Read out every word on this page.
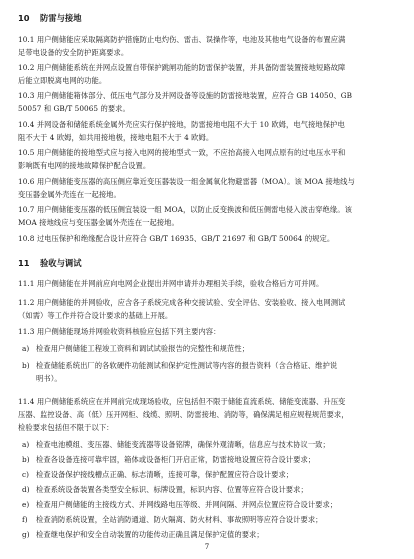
10 防雷与接地
10.1 用户侧储能应采取隔离防护措施防止电灼伤、雷击、误操作等，电池及其他电气设备的布置应满
足带电设备的安全防护距离要求。
10.2 用户侧储能系统在并网点设置自带保护跳闸功能的防雷保护装置，并具备防雷装置接地短路故障
后能立即脱离电网的功能。
10.3 用户侧储能箱体部分、低压电气部分及并网设备等设施的防雷接地装置，应符合 GB 14050、GB
50057 和 GB/T 50065 的要求。
10.4 并网设备和储能系统金属外壳应实行保护接地，防雷接地电阻不大于 10 欧姆，电气接地保护电
阻不大于 4 欧姆，如共用接地极，接地电阻不大于 4 欧姆。
10.5 用户侧储能的接地型式应与接入电网的接地型式一致，不应抬高接入电网点原有的过电压水平和
影响既有电网的接地故障保护配合设置。
10.6 用户侧储能变压器的高压侧应靠近变压器装设一组金属氧化物避雷器（MOA）。该 MOA 接地线与
变压器金属外壳连在一起接地。
10.7 用户侧储能变压器的低压侧宜装设一组 MOA，以防止反变换波和低压侧雷电侵入波击穿绝缘。该
MOA 接地线应与变压器金属外壳连在一起接地。
10.8 过电压保护和绝缘配合设计应符合 GB/T 16935、GB/T 21697 和 GB/T 50064 的规定。
11 验收与调试
11.1 用户侧储能在并网前应向电网企业提出并网申请并办理相关手续，验收合格后方可并网。
11.2 用户侧储能的并网验收，应含各子系统完成各种交接试验、安全评估、安装验收、接入电网测试
（如需）等工作并符合设计要求的基础上开展。
11.3 用户侧储能现场并网验收资料核验应包括下列主要内容：
a) 检查用户侧储能工程竣工资料和调试试验报告的完整性和规范性；
b) 检查储能系统出厂的各软硬件功能测试和保护定性测试等内容的报告资料（含合格证、维护说
明书）。
11.4 用户侧储能系统应在并网前完成现场验收，应包括但不限于储能直流系统、储能变流器、升压变
压器、监控设备、高（低）压开网柜、线缆、照明、防雷接地、消防等，确保满足相应规程规范要求，
检验要求包括但不限于以下：
a) 检查电池模组、变压器、储能变流器等设备铭牌，确保外观清晰，信息应与技术协议一致；
b) 检查各设备连接可靠牢固，箱体或设备柜门开启正常，防雷接地设置应符合设计要求；
c) 检查设备保护接线槽点正确、标志清晰，连接可靠，保护配置应符合设计要求；
d) 检查系统设备装置各类型安全标识、标牌设置，标识内容、位置等应符合设计要求；
e) 检查用户侧储能的主接线方式、并网线路电压等级、并网间隔、并网点位置应符合设计要求；
f) 检查消防系统设置，全站消防通道、防火隔离、防火材料、事故照明等应符合设计要求；
g) 检查继电保护和安全自动装置的功能传动正确且满足保护定值的要求；
7
